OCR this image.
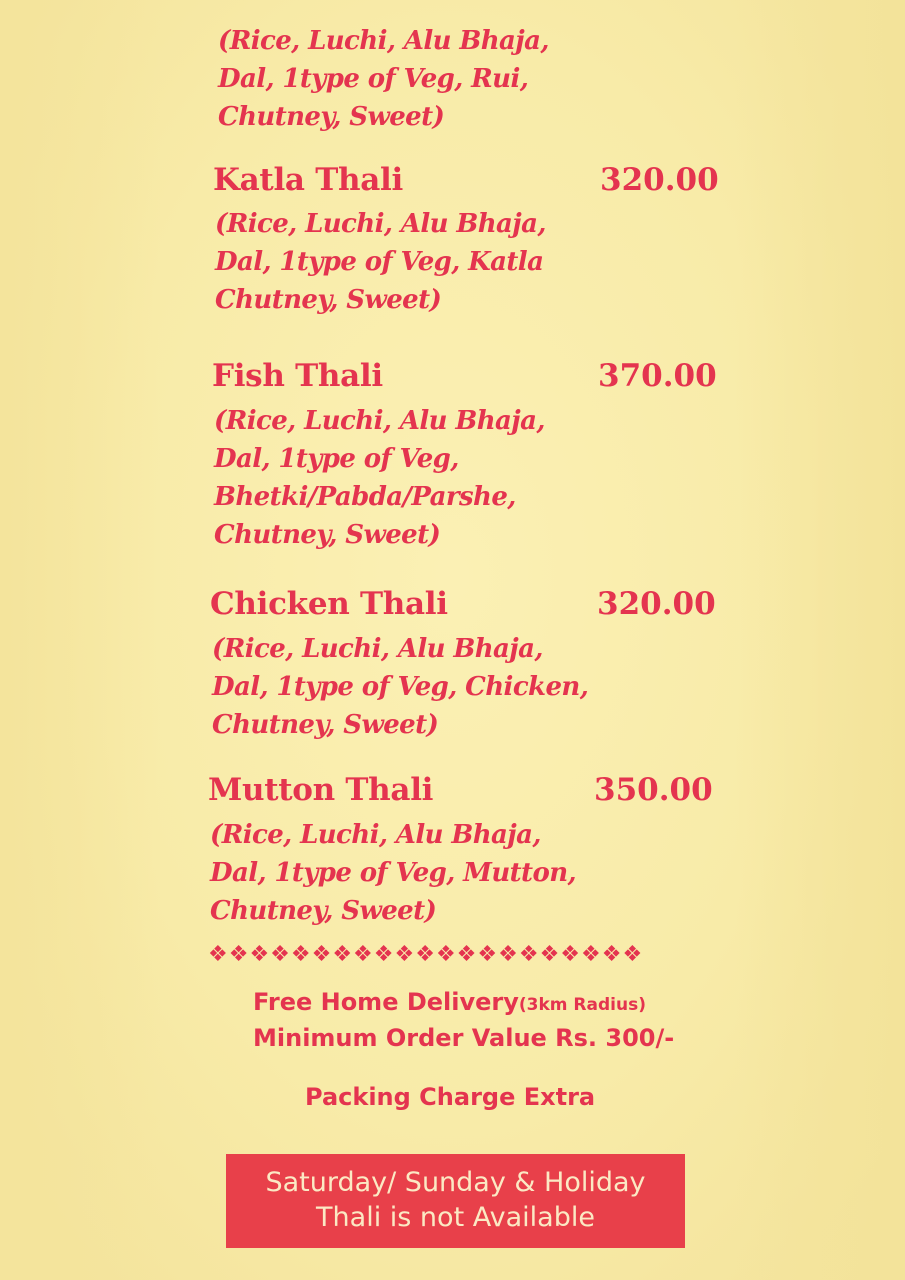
(Rice, Luchi, Alu Bhaja,
Dal, 1type of Veg, Rui,
Chutney, Sweet)
Katla Thali	320.00
(Rice, Luchi, Alu Bhaja,
Dal, 1type of Veg, Katla
Chutney, Sweet)
Fish Thali	370.00
(Rice, Luchi, Alu Bhaja,
Dal, 1type of Veg,
Bhetki/Pabda/Parshe,
Chutney, Sweet)
Chicken Thali	320.00
(Rice, Luchi, Alu Bhaja,
Dal, 1type of Veg, Chicken,
Chutney, Sweet)
Mutton Thali	350.00
(Rice, Luchi, Alu Bhaja,
Dal, 1type of Veg, Mutton,
Chutney, Sweet)
❖❖❖❖❖❖❖❖❖❖❖❖❖❖❖❖❖❖❖❖❖
Free Home Delivery(3km Radius)
Minimum Order Value Rs. 300/-
Packing Charge Extra
Saturday/ Sunday & Holiday
Thali is not Available
